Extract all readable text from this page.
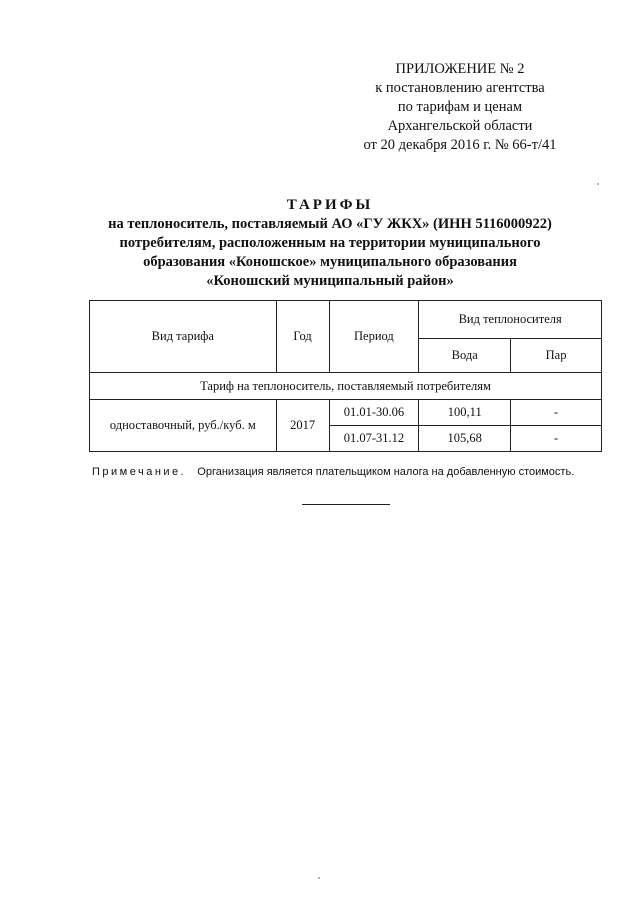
ПРИЛОЖЕНИЕ № 2
к постановлению агентства
по тарифам и ценам
Архангельской области
от 20 декабря 2016 г. № 66-т/41
ТАРИФЫ
на теплоноситель, поставляемый АО «ГУ ЖКХ» (ИНН 5116000922)
потребителям, расположенным на территории муниципального
образования «Коношское» муниципального образования
«Коношский муниципальный район»
Вид тарифа	Год	Период	Вид теплоносителя	
			Вода	Пар
Тариф на теплоноситель, поставляемый потребителям				
одноставочный, руб./куб. м	2017	01.01-30.06	100,11	-
		01.07-31.12	105,68	-
Примечание. Организация является плательщиком налога на добавленную стоимость.
